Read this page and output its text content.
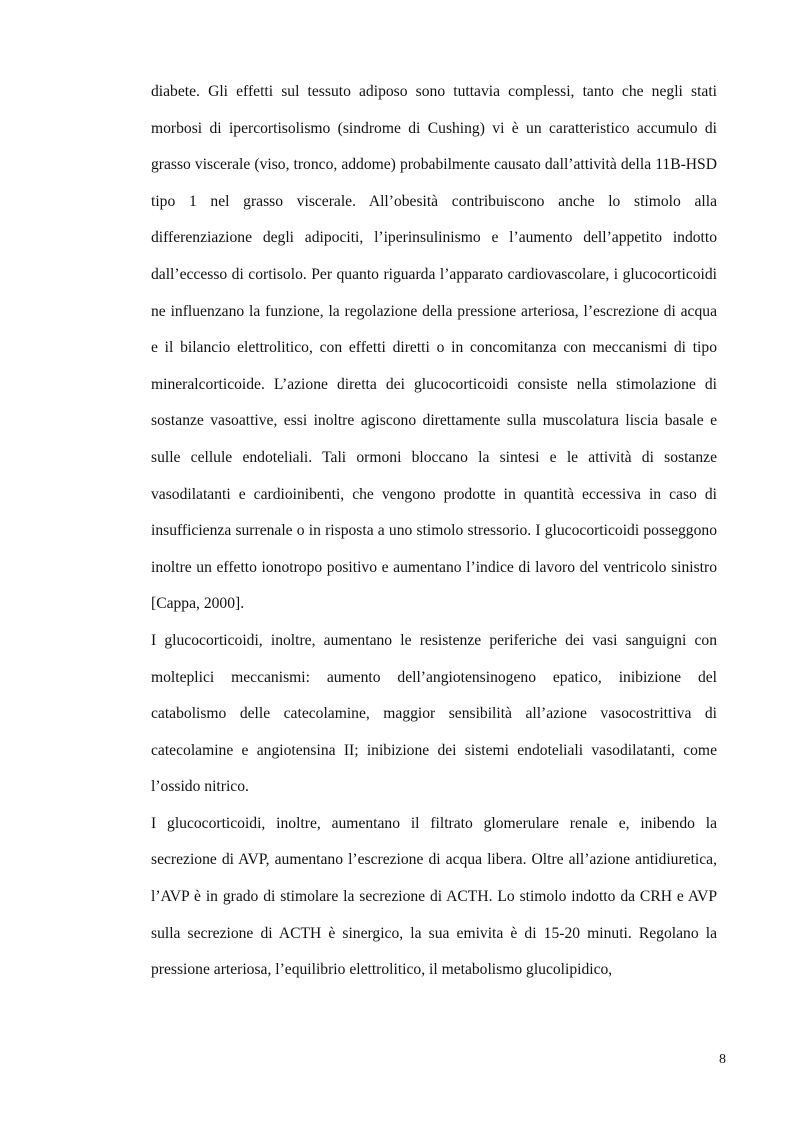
diabete. Gli effetti sul tessuto adiposo sono tuttavia complessi, tanto che negli stati morbosi di ipercortisolismo (sindrome di Cushing) vi è un caratteristico accumulo di grasso viscerale (viso, tronco, addome) probabilmente causato dall’attività della 11B-HSD tipo 1 nel grasso viscerale. All’obesità contribuiscono anche lo stimolo alla differenziazione degli adipociti, l’iperinsulinismo e l’aumento dell’appetito indotto dall’eccesso di cortisolo. Per quanto riguarda l’apparato cardiovascolare, i glucocorticoidi ne influenzano la funzione, la regolazione della pressione arteriosa, l’escrezione di acqua e il bilancio elettrolitico, con effetti diretti o in concomitanza con meccanismi di tipo mineralcorticoide. L’azione diretta dei glucocorticoidi consiste nella stimolazione di sostanze vasoattive, essi inoltre agiscono direttamente sulla muscolatura liscia basale e sulle cellule endoteliali. Tali ormoni bloccano la sintesi e le attività di sostanze vasodilatanti e cardioinibenti, che vengono prodotte in quantità eccessiva in caso di insufficienza surrenale o in risposta a uno stimolo stressorio. I glucocorticoidi posseggono inoltre un effetto ionotropo positivo e aumentano l’indice di lavoro del ventricolo sinistro [Cappa, 2000].

I glucocorticoidi, inoltre, aumentano le resistenze periferiche dei vasi sanguigni con molteplici meccanismi: aumento dell’angiotensinogeno epatico, inibizione del catabolismo delle catecolamine, maggior sensibilità all’azione vasocostrittiva di catecolamine e angiotensina II; inibizione dei sistemi endoteliali vasodilatanti, come l’ossido nitrico.

I glucocorticoidi, inoltre, aumentano il filtrato glomerulare renale e, inibendo la secrezione di AVP, aumentano l’escrezione di acqua libera. Oltre all’azione antidiuretica, l’AVP è in grado di stimolare la secrezione di ACTH. Lo stimolo indotto da CRH e AVP sulla secrezione di ACTH è sinergico, la sua emivita è di 15-20 minuti. Regolano la pressione arteriosa, l’equilibrio elettrolitico, il metabolismo glucolipidico,

8
